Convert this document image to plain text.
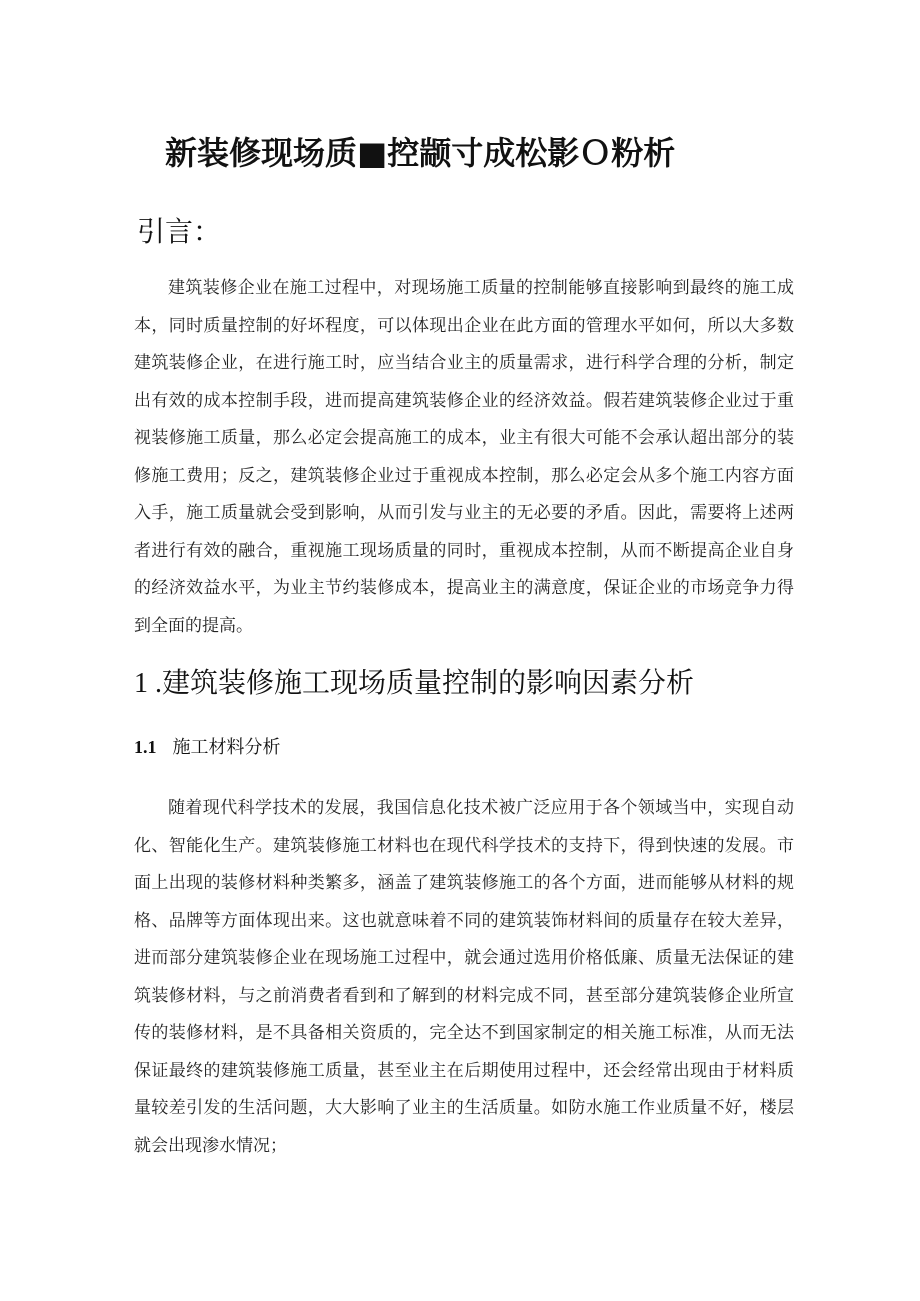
新装修现场质■控颛寸成松影Ｏ粉析
引言：

建筑装修企业在施工过程中，对现场施工质量的控制能够直接影响到最终的施工成本，同时质量控制的好坏程度，可以体现出企业在此方面的管理水平如何，所以大多数建筑装修企业，在进行施工时，应当结合业主的质量需求，进行科学合理的分析，制定出有效的成本控制手段，进而提高建筑装修企业的经济效益。假若建筑装修企业过于重视装修施工质量，那么必定会提高施工的成本，业主有很大可能不会承认超出部分的装修施工费用；反之，建筑装修企业过于重视成本控制，那么必定会从多个施工内容方面入手，施工质量就会受到影响，从而引发与业主的无必要的矛盾。因此，需要将上述两者进行有效的融合，重视施工现场质量的同时，重视成本控制，从而不断提高企业自身的经济效益水平，为业主节约装修成本，提高业主的满意度，保证企业的市场竞争力得到全面的提高。

1 .建筑装修施工现场质量控制的影响因素分析
1.1 施工材料分析

随着现代科学技术的发展，我国信息化技术被广泛应用于各个领域当中，实现自动化、智能化生产。建筑装修施工材料也在现代科学技术的支持下，得到快速的发展。市面上出现的装修材料种类繁多，涵盖了建筑装修施工的各个方面，进而能够从材料的规格、品牌等方面体现出来。这也就意味着不同的建筑装饰材料间的质量存在较大差异，进而部分建筑装修企业在现场施工过程中，就会通过选用价格低廉、质量无法保证的建筑装修材料，与之前消费者看到和了解到的材料完成不同，甚至部分建筑装修企业所宣传的装修材料，是不具备相关资质的，完全达不到国家制定的相关施工标准，从而无法保证最终的建筑装修施工质量，甚至业主在后期使用过程中，还会经常出现由于材料质量较差引发的生活问题，大大影响了业主的生活质量。如防水施工作业质量不好，楼层就会出现渗水情况；
